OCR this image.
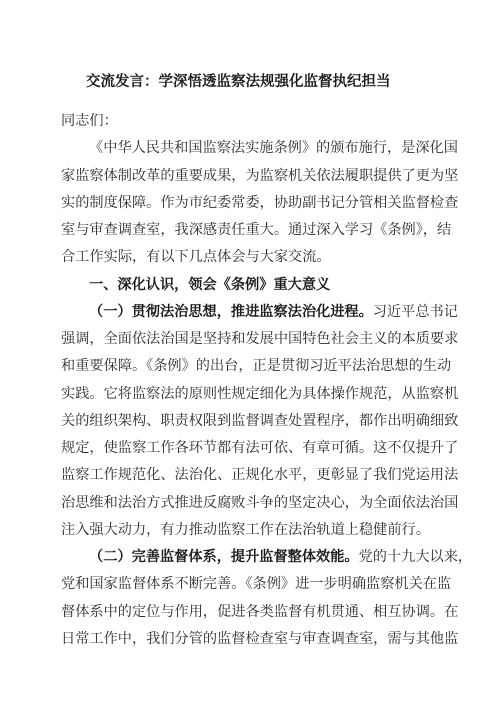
交流发言：学深悟透监察法规强化监督执纪担当
同志们：
《中华人民共和国监察法实施条例》的颁布施行，是深化国
家监察体制改革的重要成果，为监察机关依法履职提供了更为坚
实的制度保障。作为市纪委常委，协助副书记分管相关监督检查
室与审查调查室，我深感责任重大。通过深入学习《条例》，结
合工作实际，有以下几点体会与大家交流。
一、深化认识，领会《条例》重大意义
（一）贯彻法治思想，推进监察法治化进程。习近平总书记
强调，全面依法治国是坚持和发展中国特色社会主义的本质要求
和重要保障。《条例》的出台，正是贯彻习近平法治思想的生动
实践。它将监察法的原则性规定细化为具体操作规范，从监察机
关的组织架构、职责权限到监督调查处置程序，都作出明确细致
规定，使监察工作各环节都有法可依、有章可循。这不仅提升了
监察工作规范化、法治化、正规化水平，更彰显了我们党运用法
治思维和法治方式推进反腐败斗争的坚定决心，为全面依法治国
注入强大动力，有力推动监察工作在法治轨道上稳健前行。
（二）完善监督体系，提升监督整体效能。党的十九大以来，
党和国家监督体系不断完善。《条例》进一步明确监察机关在监
督体系中的定位与作用，促进各类监督有机贯通、相互协调。在
日常工作中，我们分管的监督检查室与审查调查室，需与其他监
